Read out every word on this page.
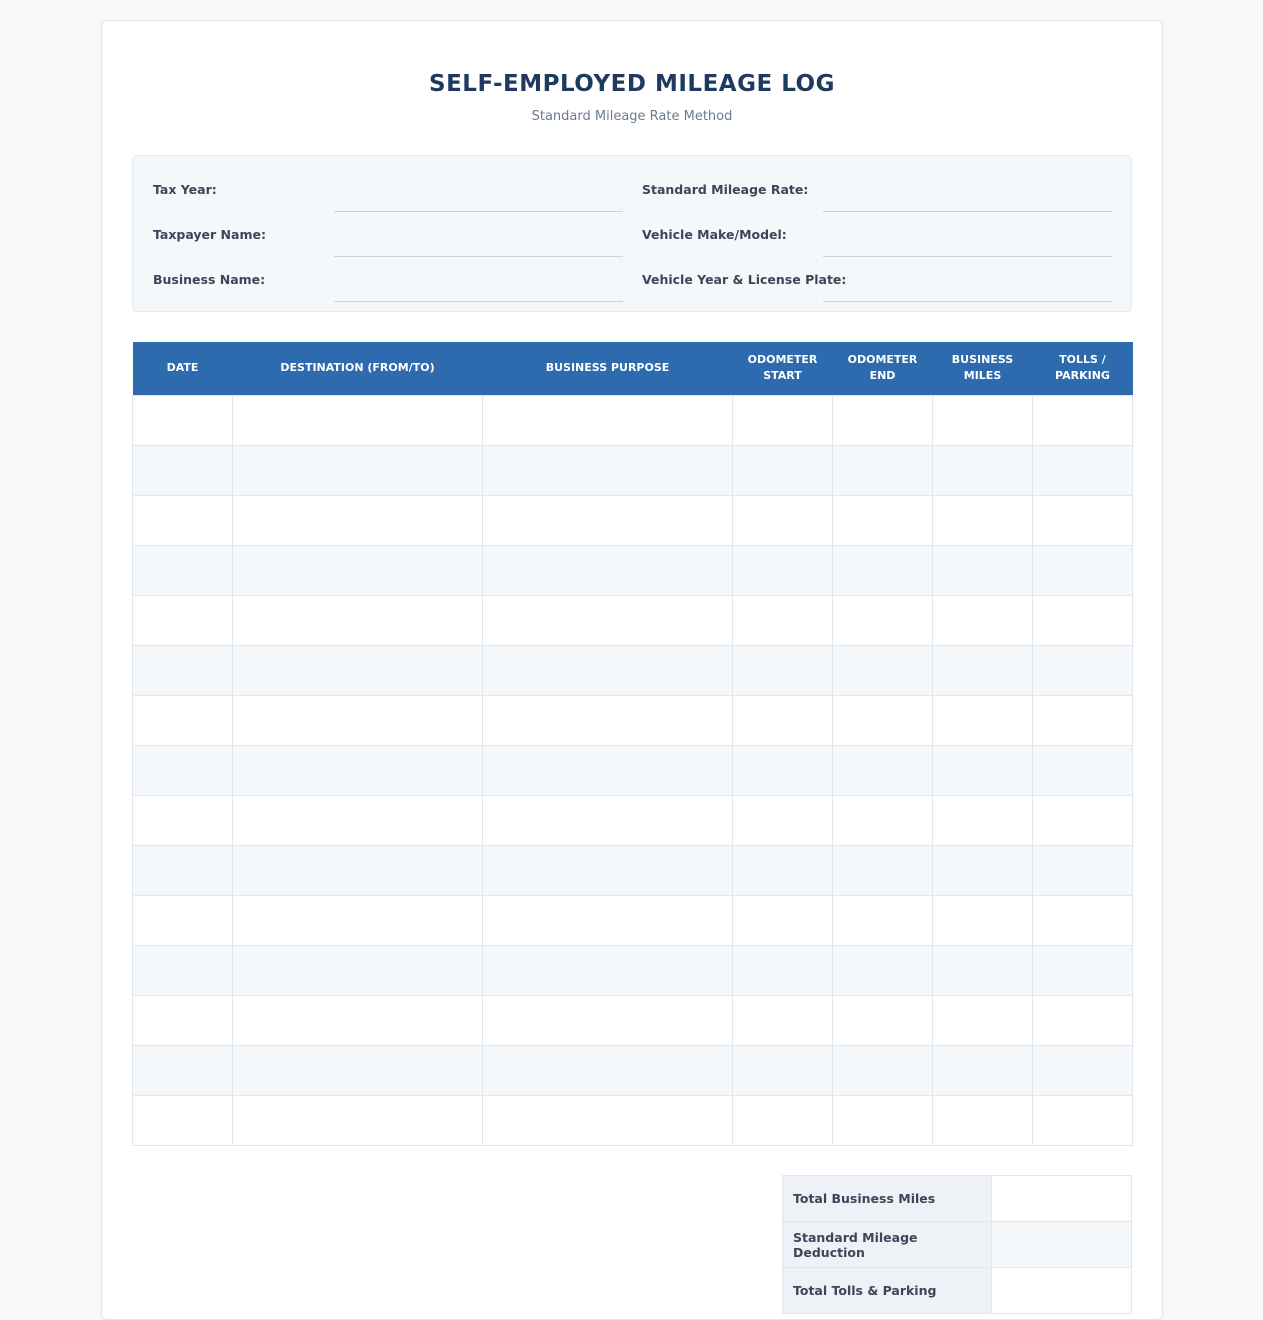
SELF-EMPLOYED MILEAGE LOG
Standard Mileage Rate Method
Tax Year:
Taxpayer Name:
Business Name:
Standard Mileage Rate:
Vehicle Make/Model:
Vehicle Year & License Plate:
DATE	DESTINATION (FROM/TO)	BUSINESS PURPOSE	ODOMETER START	ODOMETER END	BUSINESS MILES	TOLLS / PARKING

Total Business Miles	
Standard Mileage Deduction	
Total Tolls & Parking	
